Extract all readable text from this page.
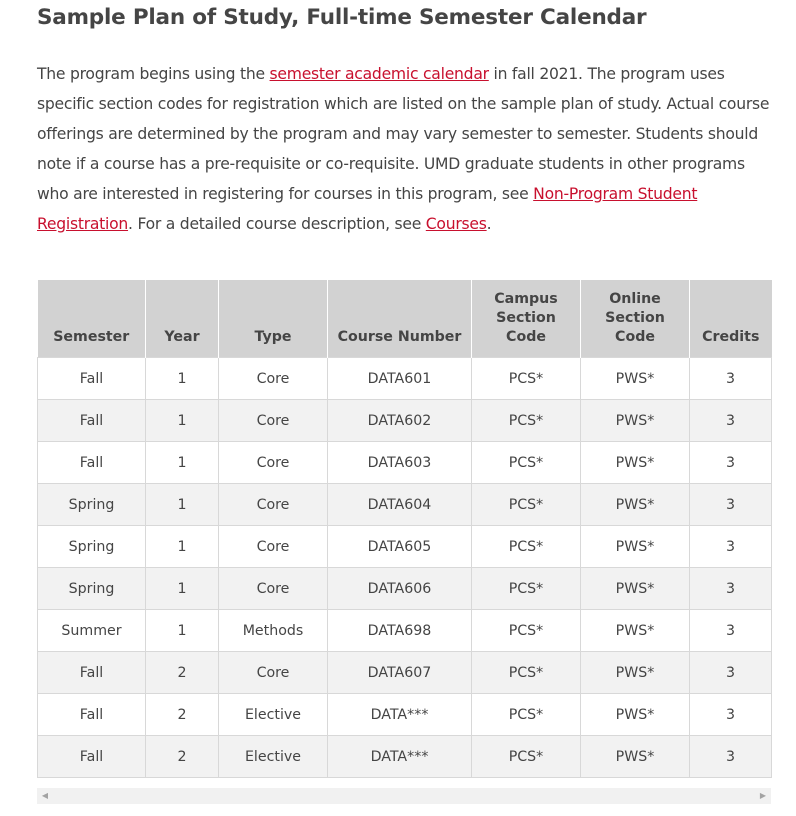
Sample Plan of Study, Full-time Semester Calendar

The program begins using the semester academic calendar in fall 2021. The program uses specific section codes for registration which are listed on the sample plan of study. Actual course offerings are determined by the program and may vary semester to semester. Students should note if a course has a pre-requisite or co-requisite. UMD graduate students in other programs who are interested in registering for courses in this program, see Non-Program Student Registration. For a detailed course description, see Courses.

Semester	Year	Type	Course Number	Campus
Section
Code	Online
Section
Code	Credits
Fall	1	Core	DATA601	PCS*	PWS*	3
Fall	1	Core	DATA602	PCS*	PWS*	3
Fall	1	Core	DATA603	PCS*	PWS*	3
Spring	1	Core	DATA604	PCS*	PWS*	3
Spring	1	Core	DATA605	PCS*	PWS*	3
Spring	1	Core	DATA606	PCS*	PWS*	3
Summer	1	Methods	DATA698	PCS*	PWS*	3
Fall	2	Core	DATA607	PCS*	PWS*	3
Fall	2	Elective	DATA***	PCS*	PWS*	3
Fall	2	Elective	DATA***	PCS*	PWS*	3
◀	▶
